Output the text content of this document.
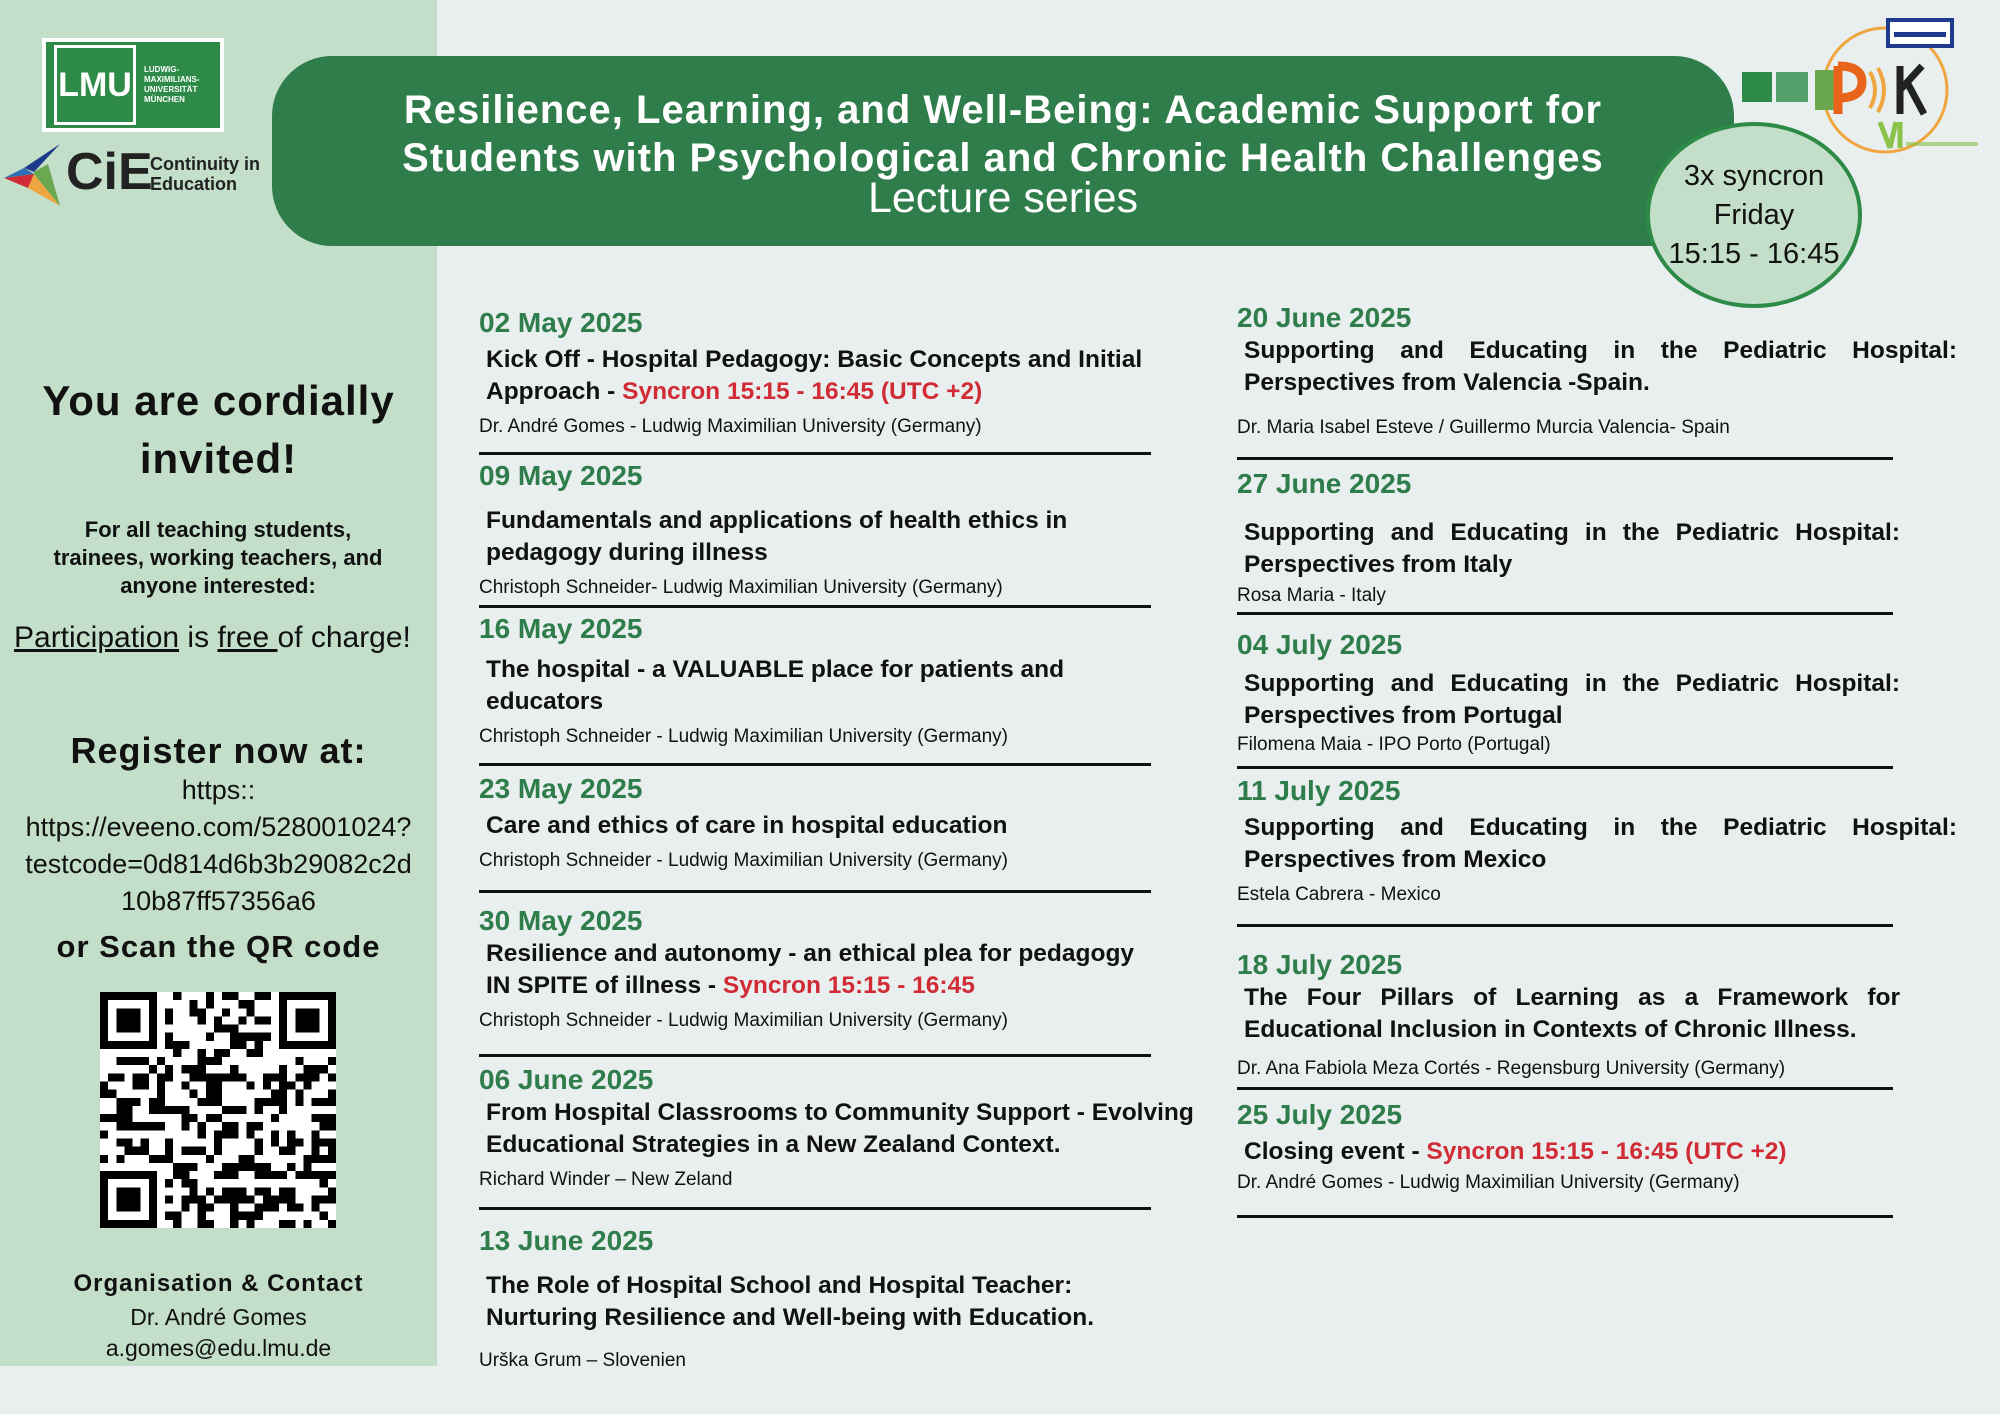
LMU	LUDWIG-
MAXIMILIANS-
UNIVERSITÄT
MÜNCHEN
CiE
Continuity in
Education
Resilience, Learning, and Well-Being: Academic Support for
Students with Psychological and Chronic Health Challenges
Lecture series	3x syncron
Friday
15:15 - 16:45
You are cordially
invited!
For all teaching students, trainees, working teachers, and anyone interested:
Participation is free of charge!
Register now at:
https::
https://eveeno.com/528001024?
testcode=0d814d6b3b29082c2d
10b87ff57356a6
or Scan the QR code
Organisation & Contact
Dr. André Gomes
a.gomes@edu.lmu.de
02 May 2025
Kick Off - Hospital Pedagogy: Basic Concepts and Initial Approach - Syncron 15:15 - 16:45 (UTC +2)
Dr. André Gomes - Ludwig Maximilian University (Germany)
09 May 2025
Fundamentals and applications of health ethics in pedagogy during illness
Christoph Schneider- Ludwig Maximilian University (Germany)
16 May 2025
The hospital - a VALUABLE place for patients and educators
Christoph Schneider - Ludwig Maximilian University (Germany)
23 May 2025
Care and ethics of care in hospital education
Christoph Schneider - Ludwig Maximilian University (Germany)
30 May 2025
Resilience and autonomy - an ethical plea for pedagogy IN SPITE of illness - Syncron 15:15 - 16:45
Christoph Schneider - Ludwig Maximilian University (Germany)
06 June 2025
From Hospital Classrooms to Community Support - Evolving Educational Strategies in a New Zealand Context.
Richard Winder – New Zeland
13 June 2025
The Role of Hospital School and Hospital Teacher: Nurturing Resilience and Well-being with Education.
Urška Grum – Slovenien
20 June 2025
Supporting and Educating in the Pediatric Hospital: Perspectives from Valencia -Spain.
Dr. Maria Isabel Esteve / Guillermo Murcia Valencia- Spain
27 June 2025
Supporting and Educating in the Pediatric Hospital: Perspectives from Italy
Rosa Maria - Italy
04 July 2025
Supporting and Educating in the Pediatric Hospital: Perspectives from Portugal
Filomena Maia - IPO Porto (Portugal)
11 July 2025
Supporting and Educating in the Pediatric Hospital: Perspectives from Mexico
Estela Cabrera - Mexico
18 July 2025
The Four Pillars of Learning as a Framework for Educational Inclusion in Contexts of Chronic Illness.
Dr. Ana Fabiola Meza Cortés - Regensburg University (Germany)
25 July 2025
Closing event - Syncron 15:15 - 16:45 (UTC +2)
Dr. André Gomes - Ludwig Maximilian University (Germany)
